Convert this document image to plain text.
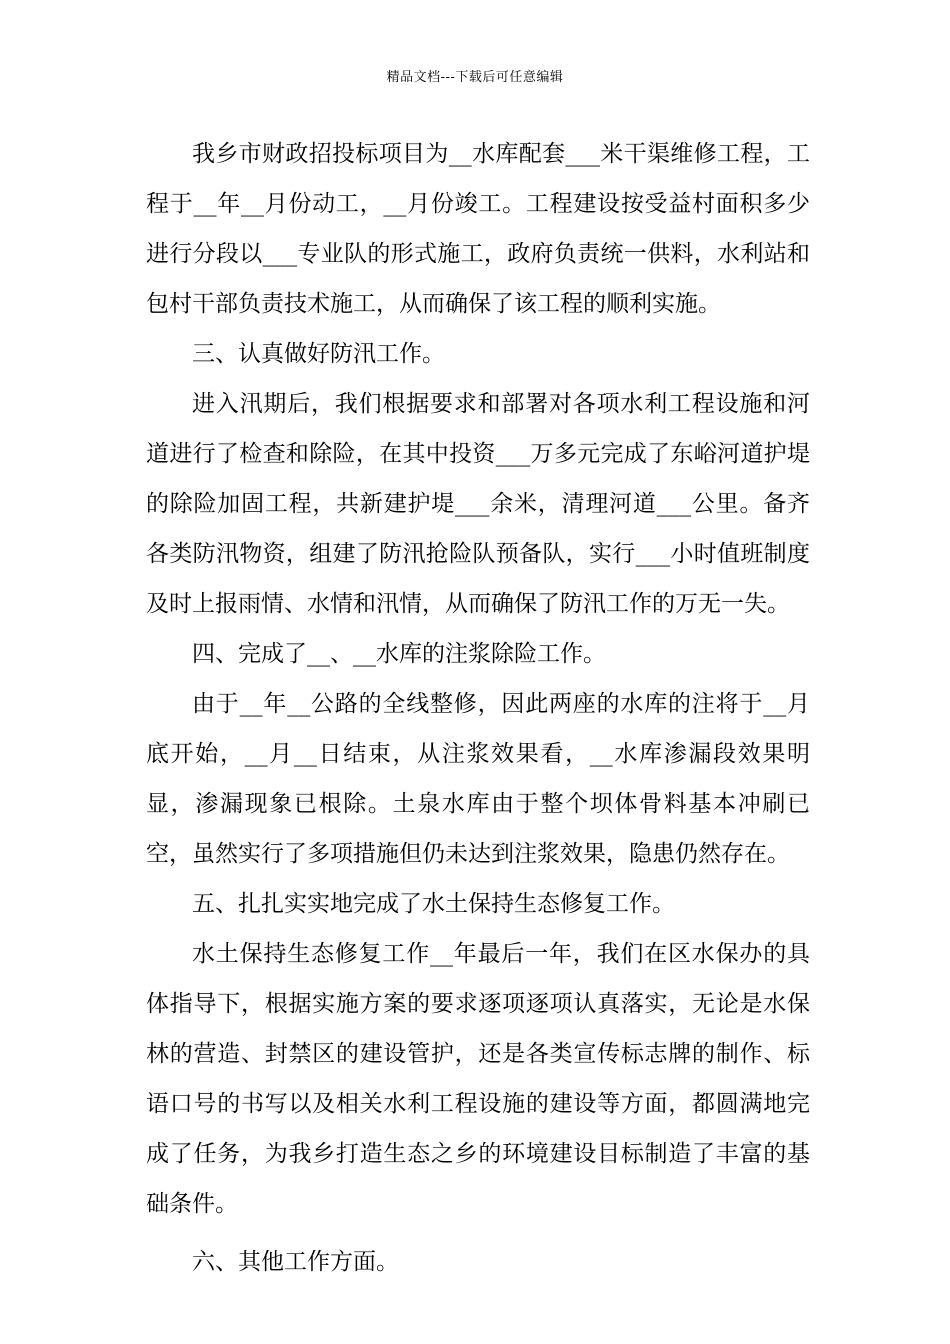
精品文档---下载后可任意编辑

我乡市财政招投标项目为__水库配套___米干渠维修工程，工程于__年__月份动工，__月份竣工。工程建设按受益村面积多少进行分段以___专业队的形式施工，政府负责统一供料，水利站和包村干部负责技术施工，从而确保了该工程的顺利实施。

三、认真做好防汛工作。

进入汛期后，我们根据要求和部署对各项水利工程设施和河道进行了检查和除险，在其中投资___万多元完成了东峪河道护堤的除险加固工程，共新建护堤___余米，清理河道___公里。备齐各类防汛物资，组建了防汛抢险队预备队，实行___小时值班制度及时上报雨情、水情和汛情，从而确保了防汛工作的万无一失。

四、完成了__、__水库的注浆除险工作。

由于__年__公路的全线整修，因此两座的水库的注将于__月底开始，__月__日结束，从注浆效果看，__水库渗漏段效果明显，渗漏现象已根除。土泉水库由于整个坝体骨料基本冲刷已空，虽然实行了多项措施但仍未达到注浆效果，隐患仍然存在。

五、扎扎实实地完成了水土保持生态修复工作。

水土保持生态修复工作__年最后一年，我们在区水保办的具体指导下，根据实施方案的要求逐项逐项认真落实，无论是水保林的营造、封禁区的建设管护，还是各类宣传标志牌的制作、标语口号的书写以及相关水利工程设施的建设等方面，都圆满地完成了任务，为我乡打造生态之乡的环境建设目标制造了丰富的基础条件。

六、其他工作方面。
